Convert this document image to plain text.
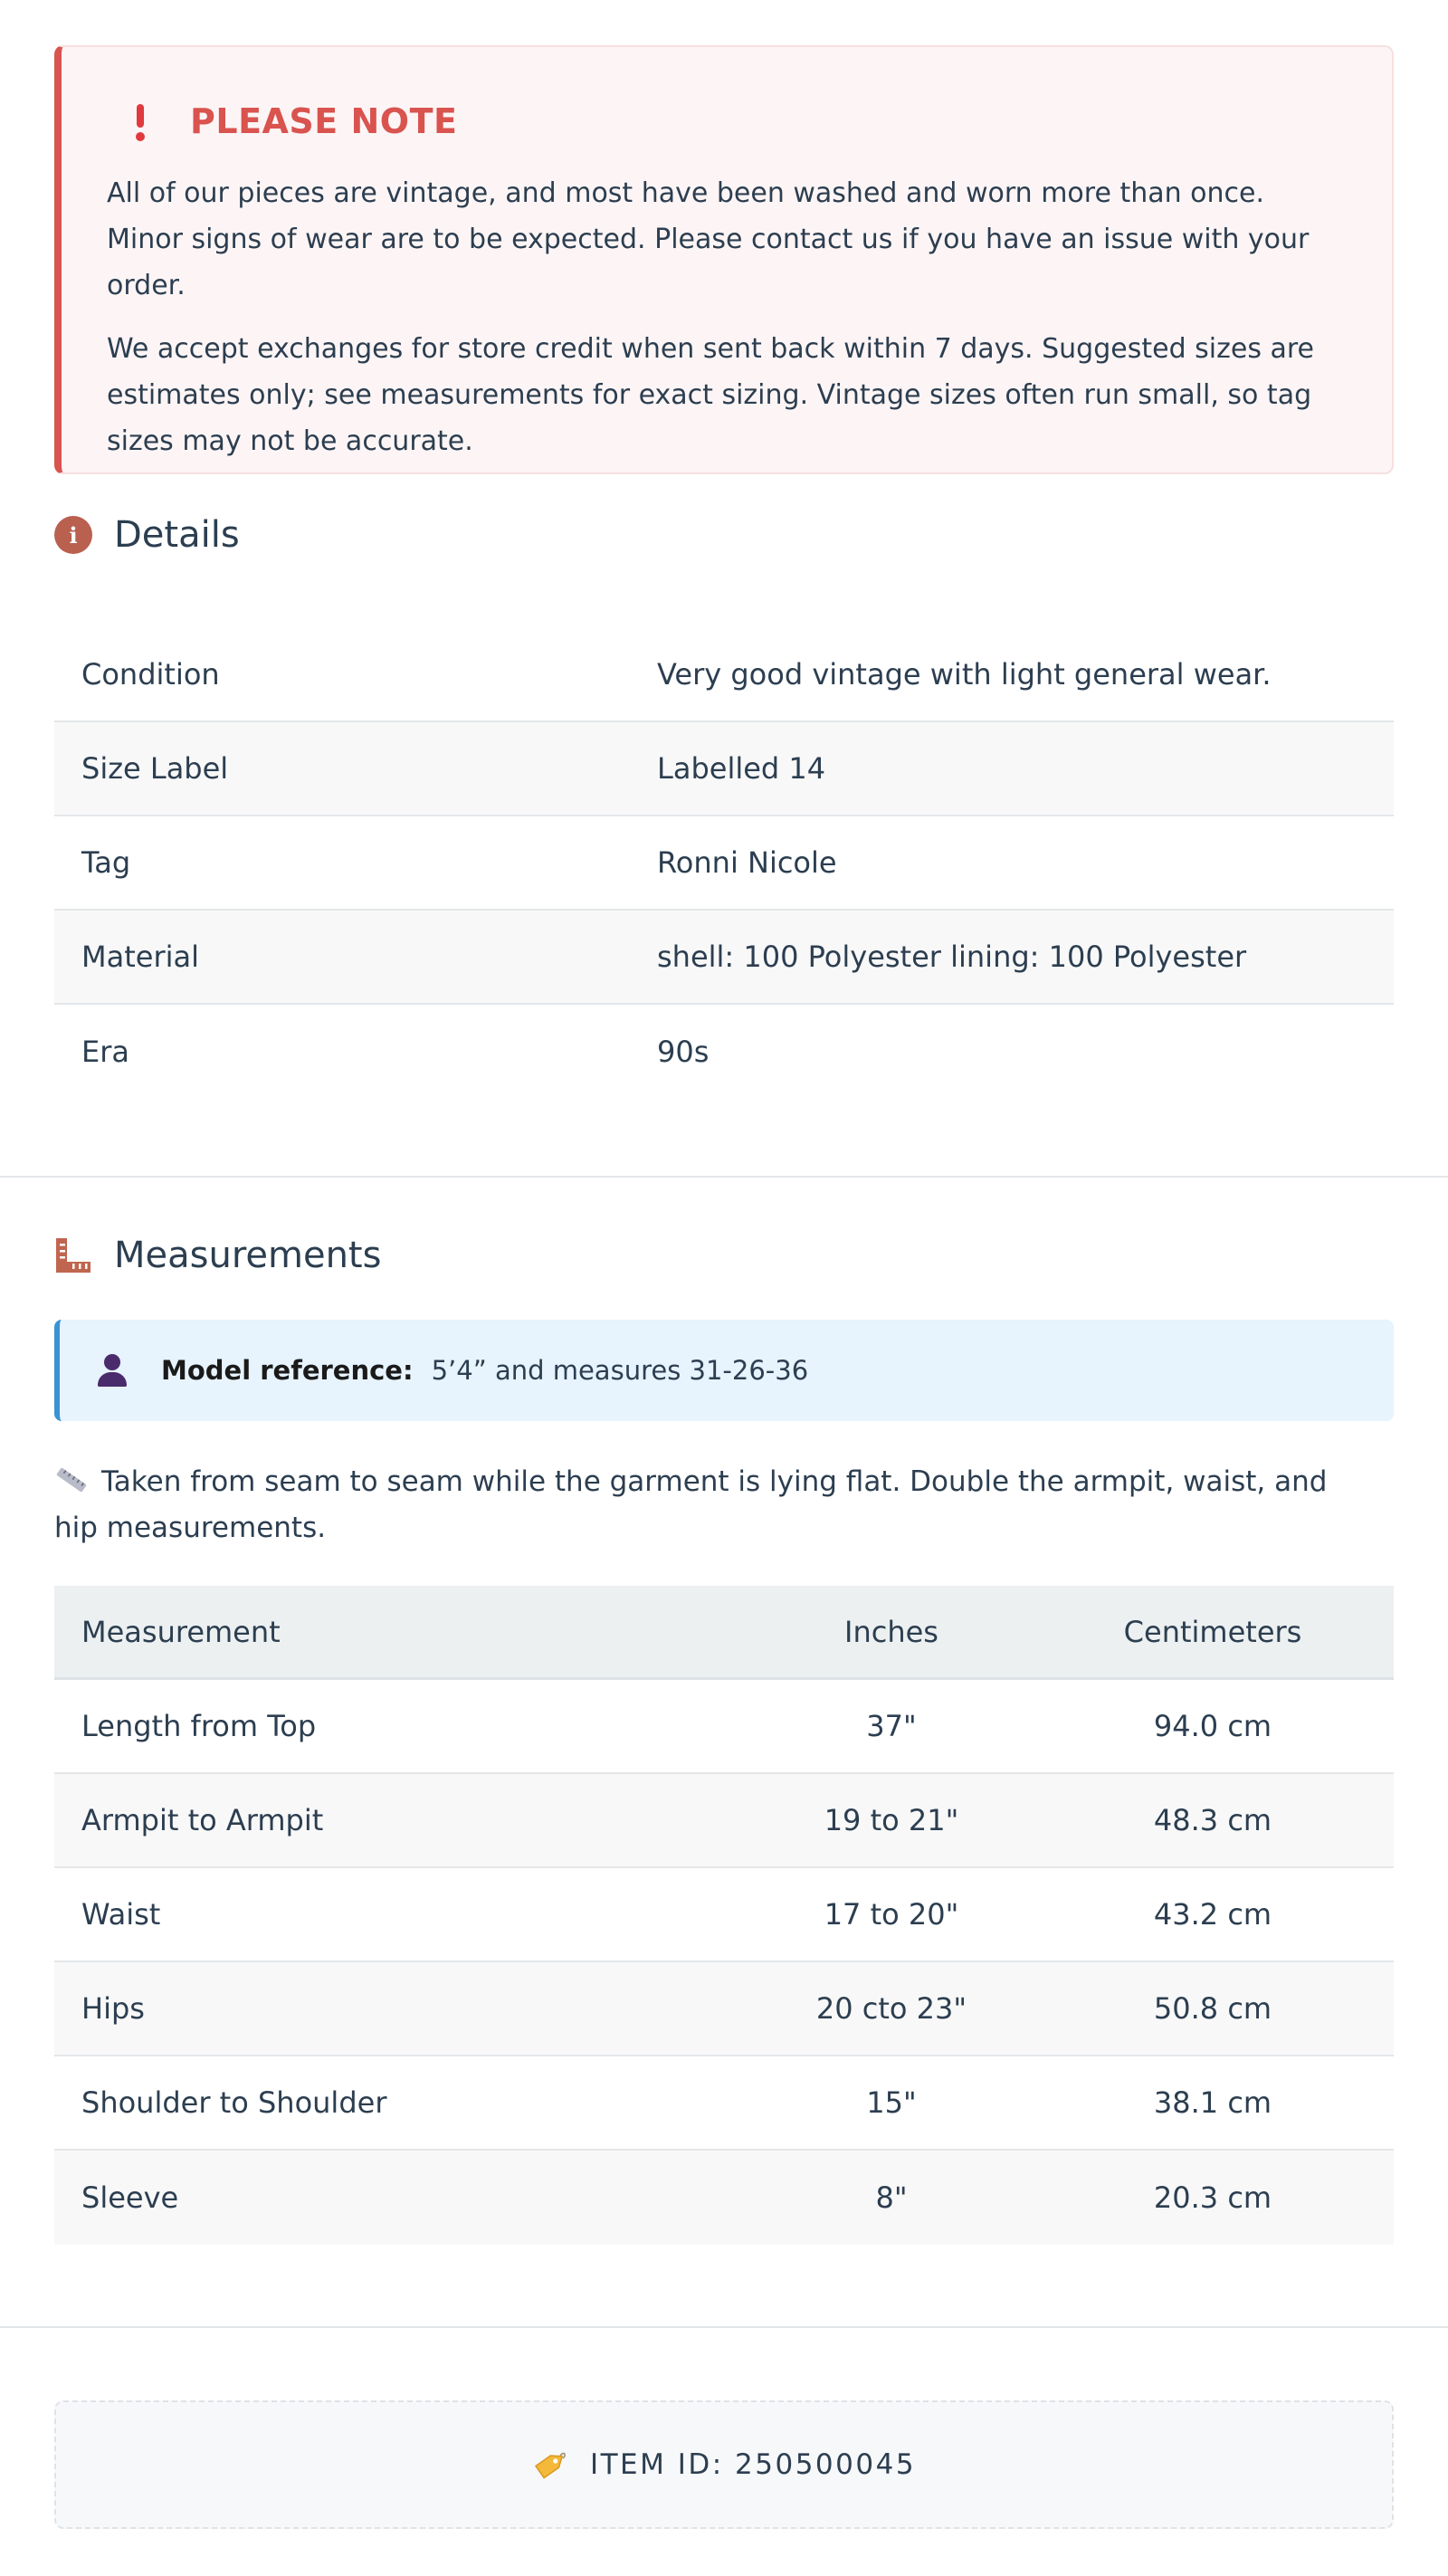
PLEASE NOTE

All of our pieces are vintage, and most have been washed and worn more than once. Minor signs of wear are to be expected. Please contact us if you have an issue with your order.

We accept exchanges for store credit when sent back within 7 days. Suggested sizes are estimates only; see measurements for exact sizing. Vintage sizes often run small, so tag sizes may not be accurate.

i	Details
Condition	Very good vintage with light general wear.
Size Label	Labelled 14
Tag	Ronni Nicole
Material	shell: 100 Polyester lining: 100 Polyester
Era	90s
Measurements
Model reference: 5’4” and measures 31-26-36
Taken from seam to seam while the garment is lying flat. Double the armpit, waist, and hip measurements.
Measurement	Inches	Centimeters
Length from Top	37"	94.0 cm
Armpit to Armpit	19 to 21"	48.3 cm
Waist	17 to 20"	43.2 cm
Hips	20 cto 23"	50.8 cm
Shoulder to Shoulder	15"	38.1 cm
Sleeve	8"	20.3 cm
ITEM ID: 250500045
